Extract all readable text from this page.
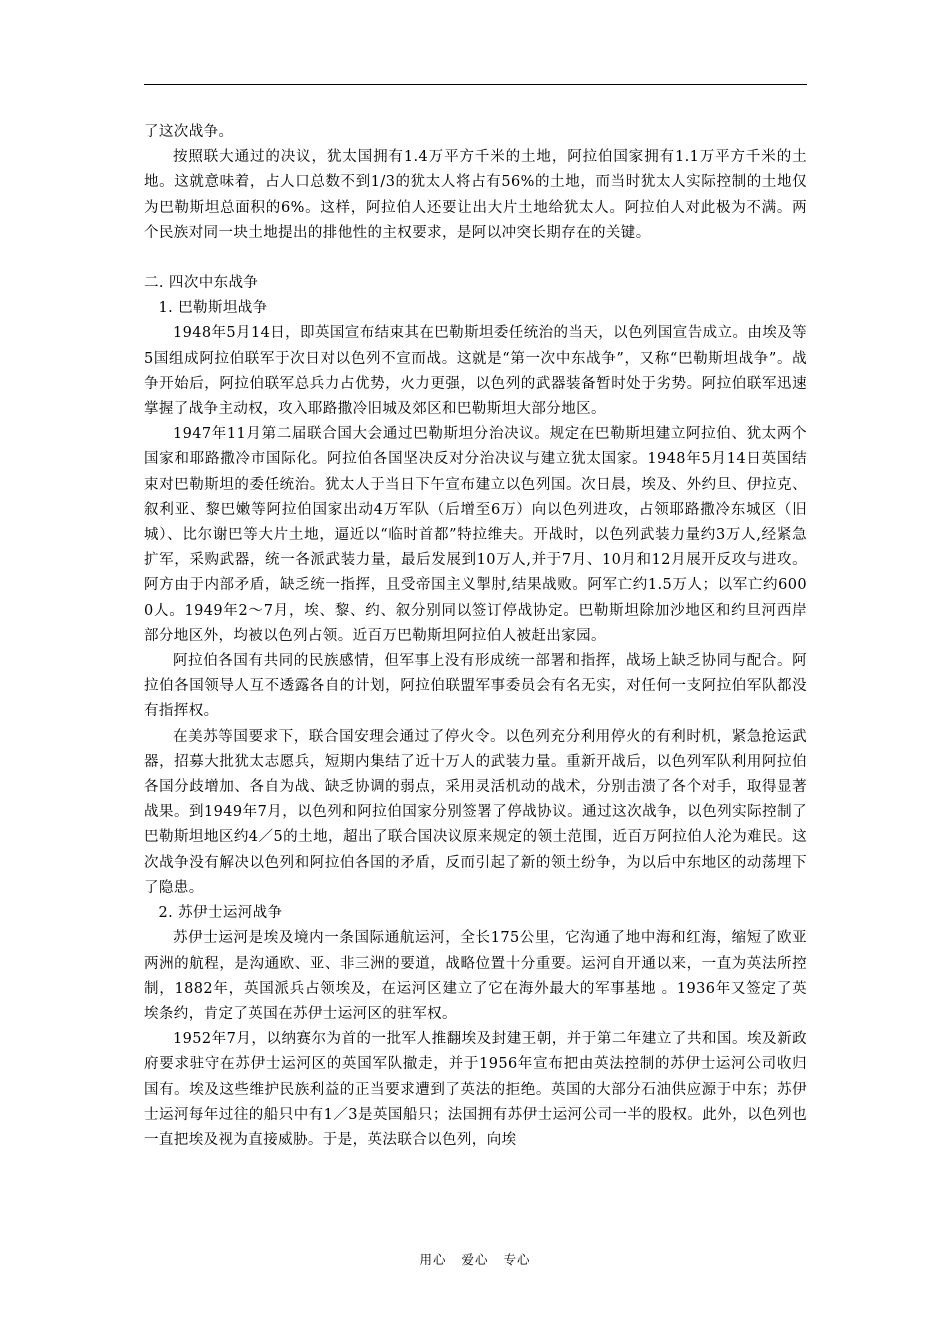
了这次战争。

按照联大通过的决议，犹太国拥有1.4万平方千米的土地，阿拉伯国家拥有1.1万平方千米的土地。这就意味着，占人口总数不到1/3的犹太人将占有56%的土地，而当时犹太人实际控制的土地仅为巴勒斯坦总面积的6%。这样，阿拉伯人还要让出大片土地给犹太人。阿拉伯人对此极为不满。两个民族对同一块土地提出的排他性的主权要求，是阿以冲突长期存在的关键。

二. 四次中东战争

1. 巴勒斯坦战争

1948年5月14日，即英国宣布结束其在巴勒斯坦委任统治的当天，以色列国宣告成立。由埃及等5国组成阿拉伯联军于次日对以色列不宣而战。这就是“第一次中东战争”，又称“巴勒斯坦战争”。战争开始后，阿拉伯联军总兵力占优势，火力更强，以色列的武器装备暂时处于劣势。阿拉伯联军迅速掌握了战争主动权，攻入耶路撒冷旧城及郊区和巴勒斯坦大部分地区。

1947年11月第二届联合国大会通过巴勒斯坦分治决议。规定在巴勒斯坦建立阿拉伯、犹太两个国家和耶路撒冷市国际化。阿拉伯各国坚决反对分治决议与建立犹太国家。1948年5月14日英国结束对巴勒斯坦的委任统治。犹太人于当日下午宣布建立以色列国。次日晨，埃及、外约旦、伊拉克、叙利亚、黎巴嫩等阿拉伯国家出动4万军队（后增至6万）向以色列进攻，占领耶路撒冷东城区（旧城）、比尔谢巴等大片土地，逼近以“临时首都”特拉维夫。开战时，以色列武装力量约3万人,经紧急扩军，采购武器，统一各派武装力量，最后发展到10万人,并于7月、10月和12月展开反攻与进攻。阿方由于内部矛盾，缺乏统一指挥，且受帝国主义掣肘,结果战败。阿军亡约1.5万人；以军亡约6000人。1949年2～7月，埃、黎、约、叙分别同以签订停战协定。巴勒斯坦除加沙地区和约旦河西岸部分地区外，均被以色列占领。近百万巴勒斯坦阿拉伯人被赶出家园。

阿拉伯各国有共同的民族感情，但军事上没有形成统一部署和指挥，战场上缺乏协同与配合。阿拉伯各国领导人互不透露各自的计划，阿拉伯联盟军事委员会有名无实，对任何一支阿拉伯军队都没有指挥权。

在美苏等国要求下，联合国安理会通过了停火令。以色列充分利用停火的有利时机，紧急抢运武器，招募大批犹太志愿兵，短期内集结了近十万人的武装力量。重新开战后，以色列军队利用阿拉伯各国分歧增加、各自为战、缺乏协调的弱点，采用灵活机动的战术，分别击溃了各个对手，取得显著战果。到1949年7月，以色列和阿拉伯国家分别签署了停战协议。通过这次战争，以色列实际控制了巴勒斯坦地区约4／5的土地，超出了联合国决议原来规定的领土范围，近百万阿拉伯人沦为难民。这次战争没有解决以色列和阿拉伯各国的矛盾，反而引起了新的领土纷争，为以后中东地区的动荡埋下了隐患。

2. 苏伊士运河战争

苏伊士运河是埃及境内一条国际通航运河，全长175公里，它沟通了地中海和红海，缩短了欧亚两洲的航程，是沟通欧、亚、非三洲的要道，战略位置十分重要。运河自开通以来，一直为英法所控制，1882年，英国派兵占领埃及，在运河区建立了它在海外最大的军事基地 。1936年又签定了英埃条约，肯定了英国在苏伊士运河区的驻军权。

1952年7月，以纳赛尔为首的一批军人推翻埃及封建王朝，并于第二年建立了共和国。埃及新政府要求驻守在苏伊士运河区的英国军队撤走，并于1956年宣布把由英法控制的苏伊士运河公司收归国有。埃及这些维护民族利益的正当要求遭到了英法的拒绝。英国的大部分石油供应源于中东；苏伊士运河每年过往的船只中有1／3是英国船只；法国拥有苏伊士运河公司一半的股权。此外，以色列也一直把埃及视为直接威胁。于是，英法联合以色列，向埃

用心 爱心 专心
